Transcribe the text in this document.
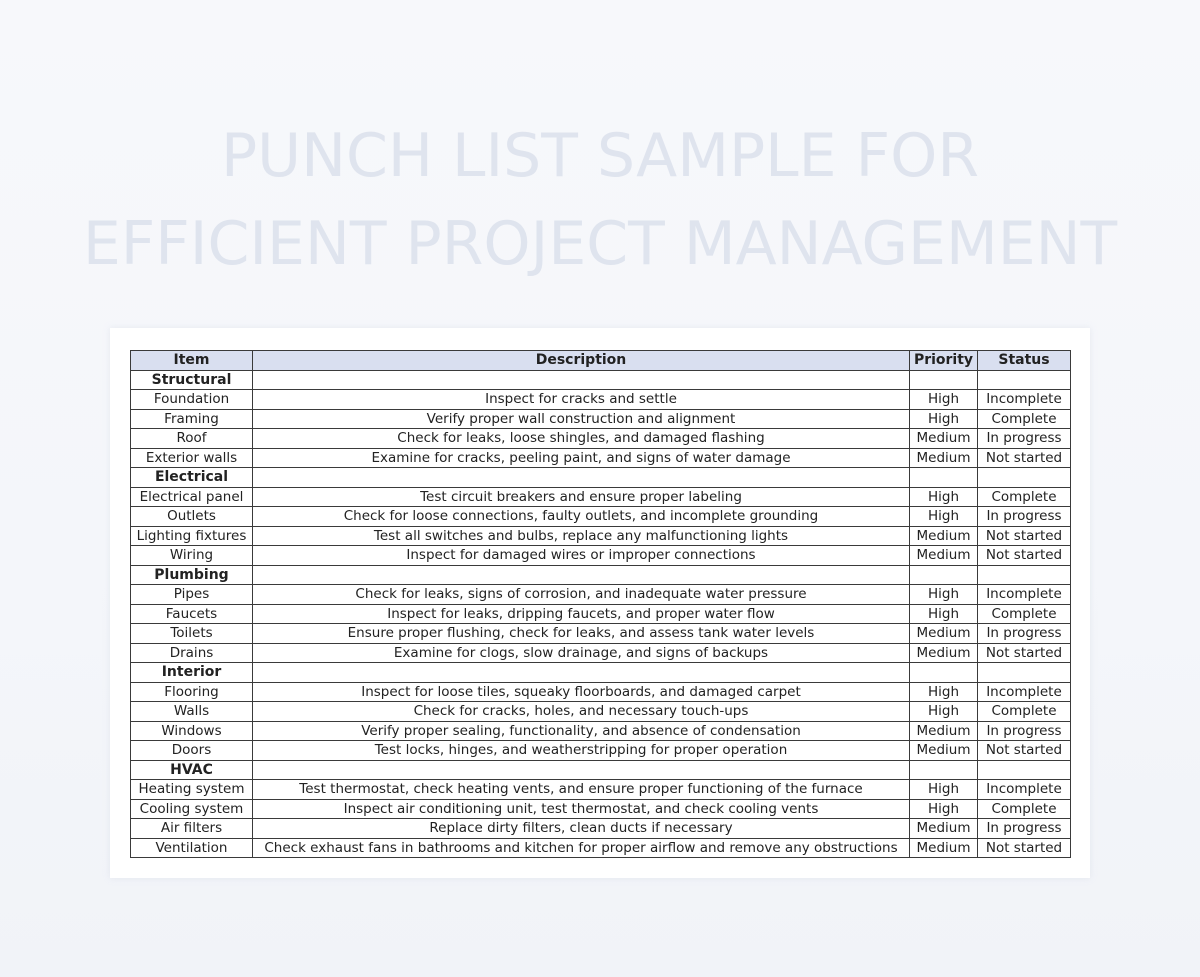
PUNCH LIST SAMPLE FOR
EFFICIENT PROJECT MANAGEMENT
Item	Description	Priority	Status
Structural			
Foundation	Inspect for cracks and settle	High	Incomplete
Framing	Verify proper wall construction and alignment	High	Complete
Roof	Check for leaks, loose shingles, and damaged flashing	Medium	In progress
Exterior walls	Examine for cracks, peeling paint, and signs of water damage	Medium	Not started
Electrical			
Electrical panel	Test circuit breakers and ensure proper labeling	High	Complete
Outlets	Check for loose connections, faulty outlets, and incomplete grounding	High	In progress
Lighting fixtures	Test all switches and bulbs, replace any malfunctioning lights	Medium	Not started
Wiring	Inspect for damaged wires or improper connections	Medium	Not started
Plumbing			
Pipes	Check for leaks, signs of corrosion, and inadequate water pressure	High	Incomplete
Faucets	Inspect for leaks, dripping faucets, and proper water flow	High	Complete
Toilets	Ensure proper flushing, check for leaks, and assess tank water levels	Medium	In progress
Drains	Examine for clogs, slow drainage, and signs of backups	Medium	Not started
Interior			
Flooring	Inspect for loose tiles, squeaky floorboards, and damaged carpet	High	Incomplete
Walls	Check for cracks, holes, and necessary touch-ups	High	Complete
Windows	Verify proper sealing, functionality, and absence of condensation	Medium	In progress
Doors	Test locks, hinges, and weatherstripping for proper operation	Medium	Not started
HVAC			
Heating system	Test thermostat, check heating vents, and ensure proper functioning of the furnace	High	Incomplete
Cooling system	Inspect air conditioning unit, test thermostat, and check cooling vents	High	Complete
Air filters	Replace dirty filters, clean ducts if necessary	Medium	In progress
Ventilation	Check exhaust fans in bathrooms and kitchen for proper airflow and remove any obstructions	Medium	Not started
